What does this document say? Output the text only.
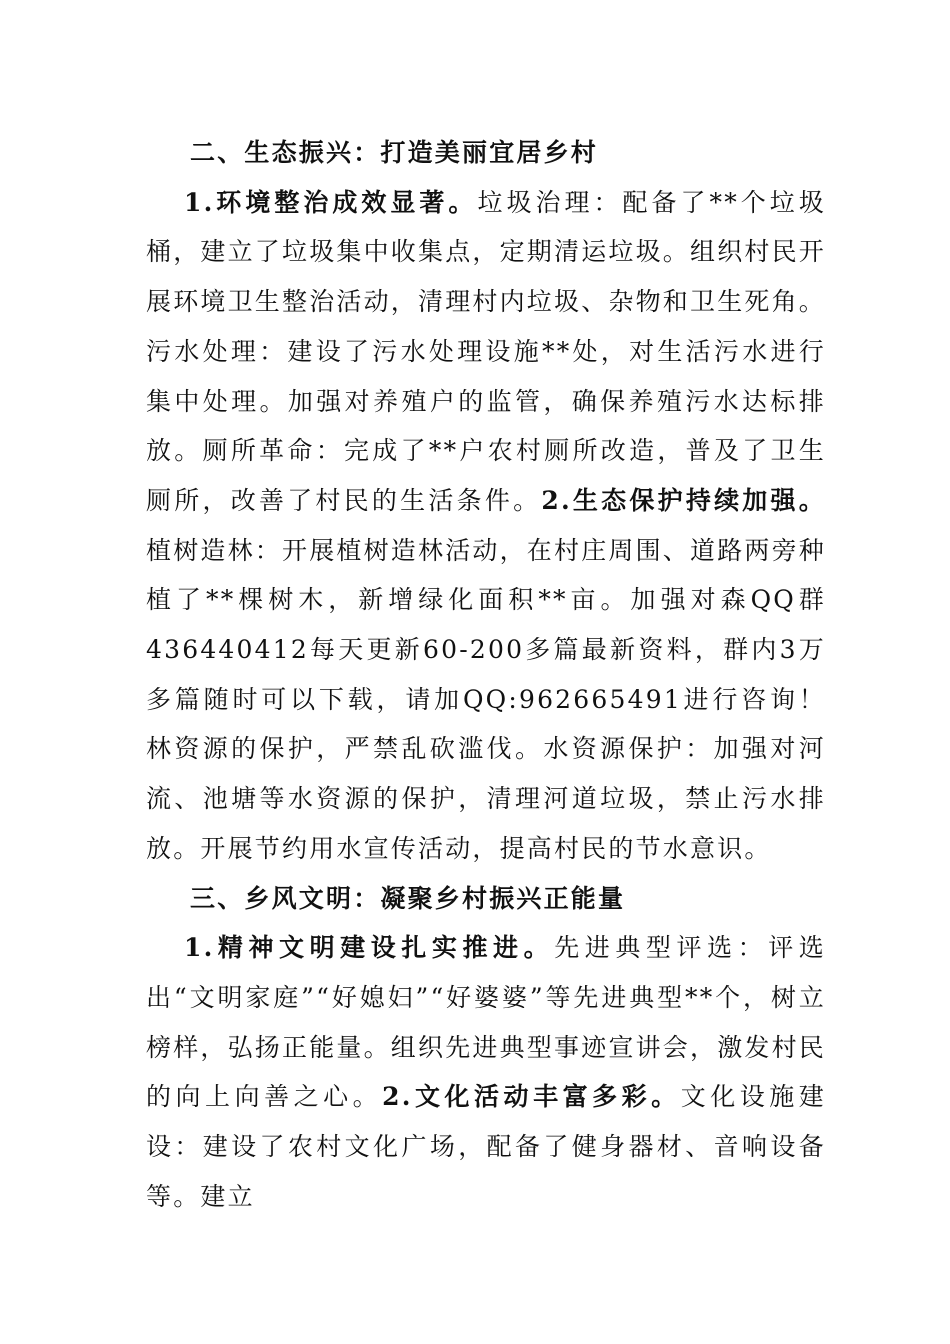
二、生态振兴：打造美丽宜居乡村

1.环境整治成效显著。垃圾治理：配备了**个垃圾桶，建立了垃圾集中收集点，定期清运垃圾。组织村民开展环境卫生整治活动，清理村内垃圾、杂物和卫生死角。污水处理：建设了污水处理设施**处，对生活污水进行集中处理。加强对养殖户的监管，确保养殖污水达标排放。厕所革命：完成了**户农村厕所改造，普及了卫生厕所，改善了村民的生活条件。2.生态保护持续加强。植树造林：开展植树造林活动，在村庄周围、道路两旁种植了**棵树木，新增绿化面积**亩。加强对森QQ群436440412每天更新60-200多篇最新资料，群内3万多篇随时可以下载，请加QQ:962665491进行咨询！林资源的保护，严禁乱砍滥伐。水资源保护：加强对河流、池塘等水资源的保护，清理河道垃圾，禁止污水排放。开展节约用水宣传活动，提高村民的节水意识。

三、乡风文明：凝聚乡村振兴正能量

1.精神文明建设扎实推进。先进典型评选：评选出“文明家庭”“好媳妇”“好婆婆”等先进典型**个，树立榜样，弘扬正能量。组织先进典型事迹宣讲会，激发村民的向上向善之心。2.文化活动丰富多彩。文化设施建设：建设了农村文化广场，配备了健身器材、音响设备等。建立
